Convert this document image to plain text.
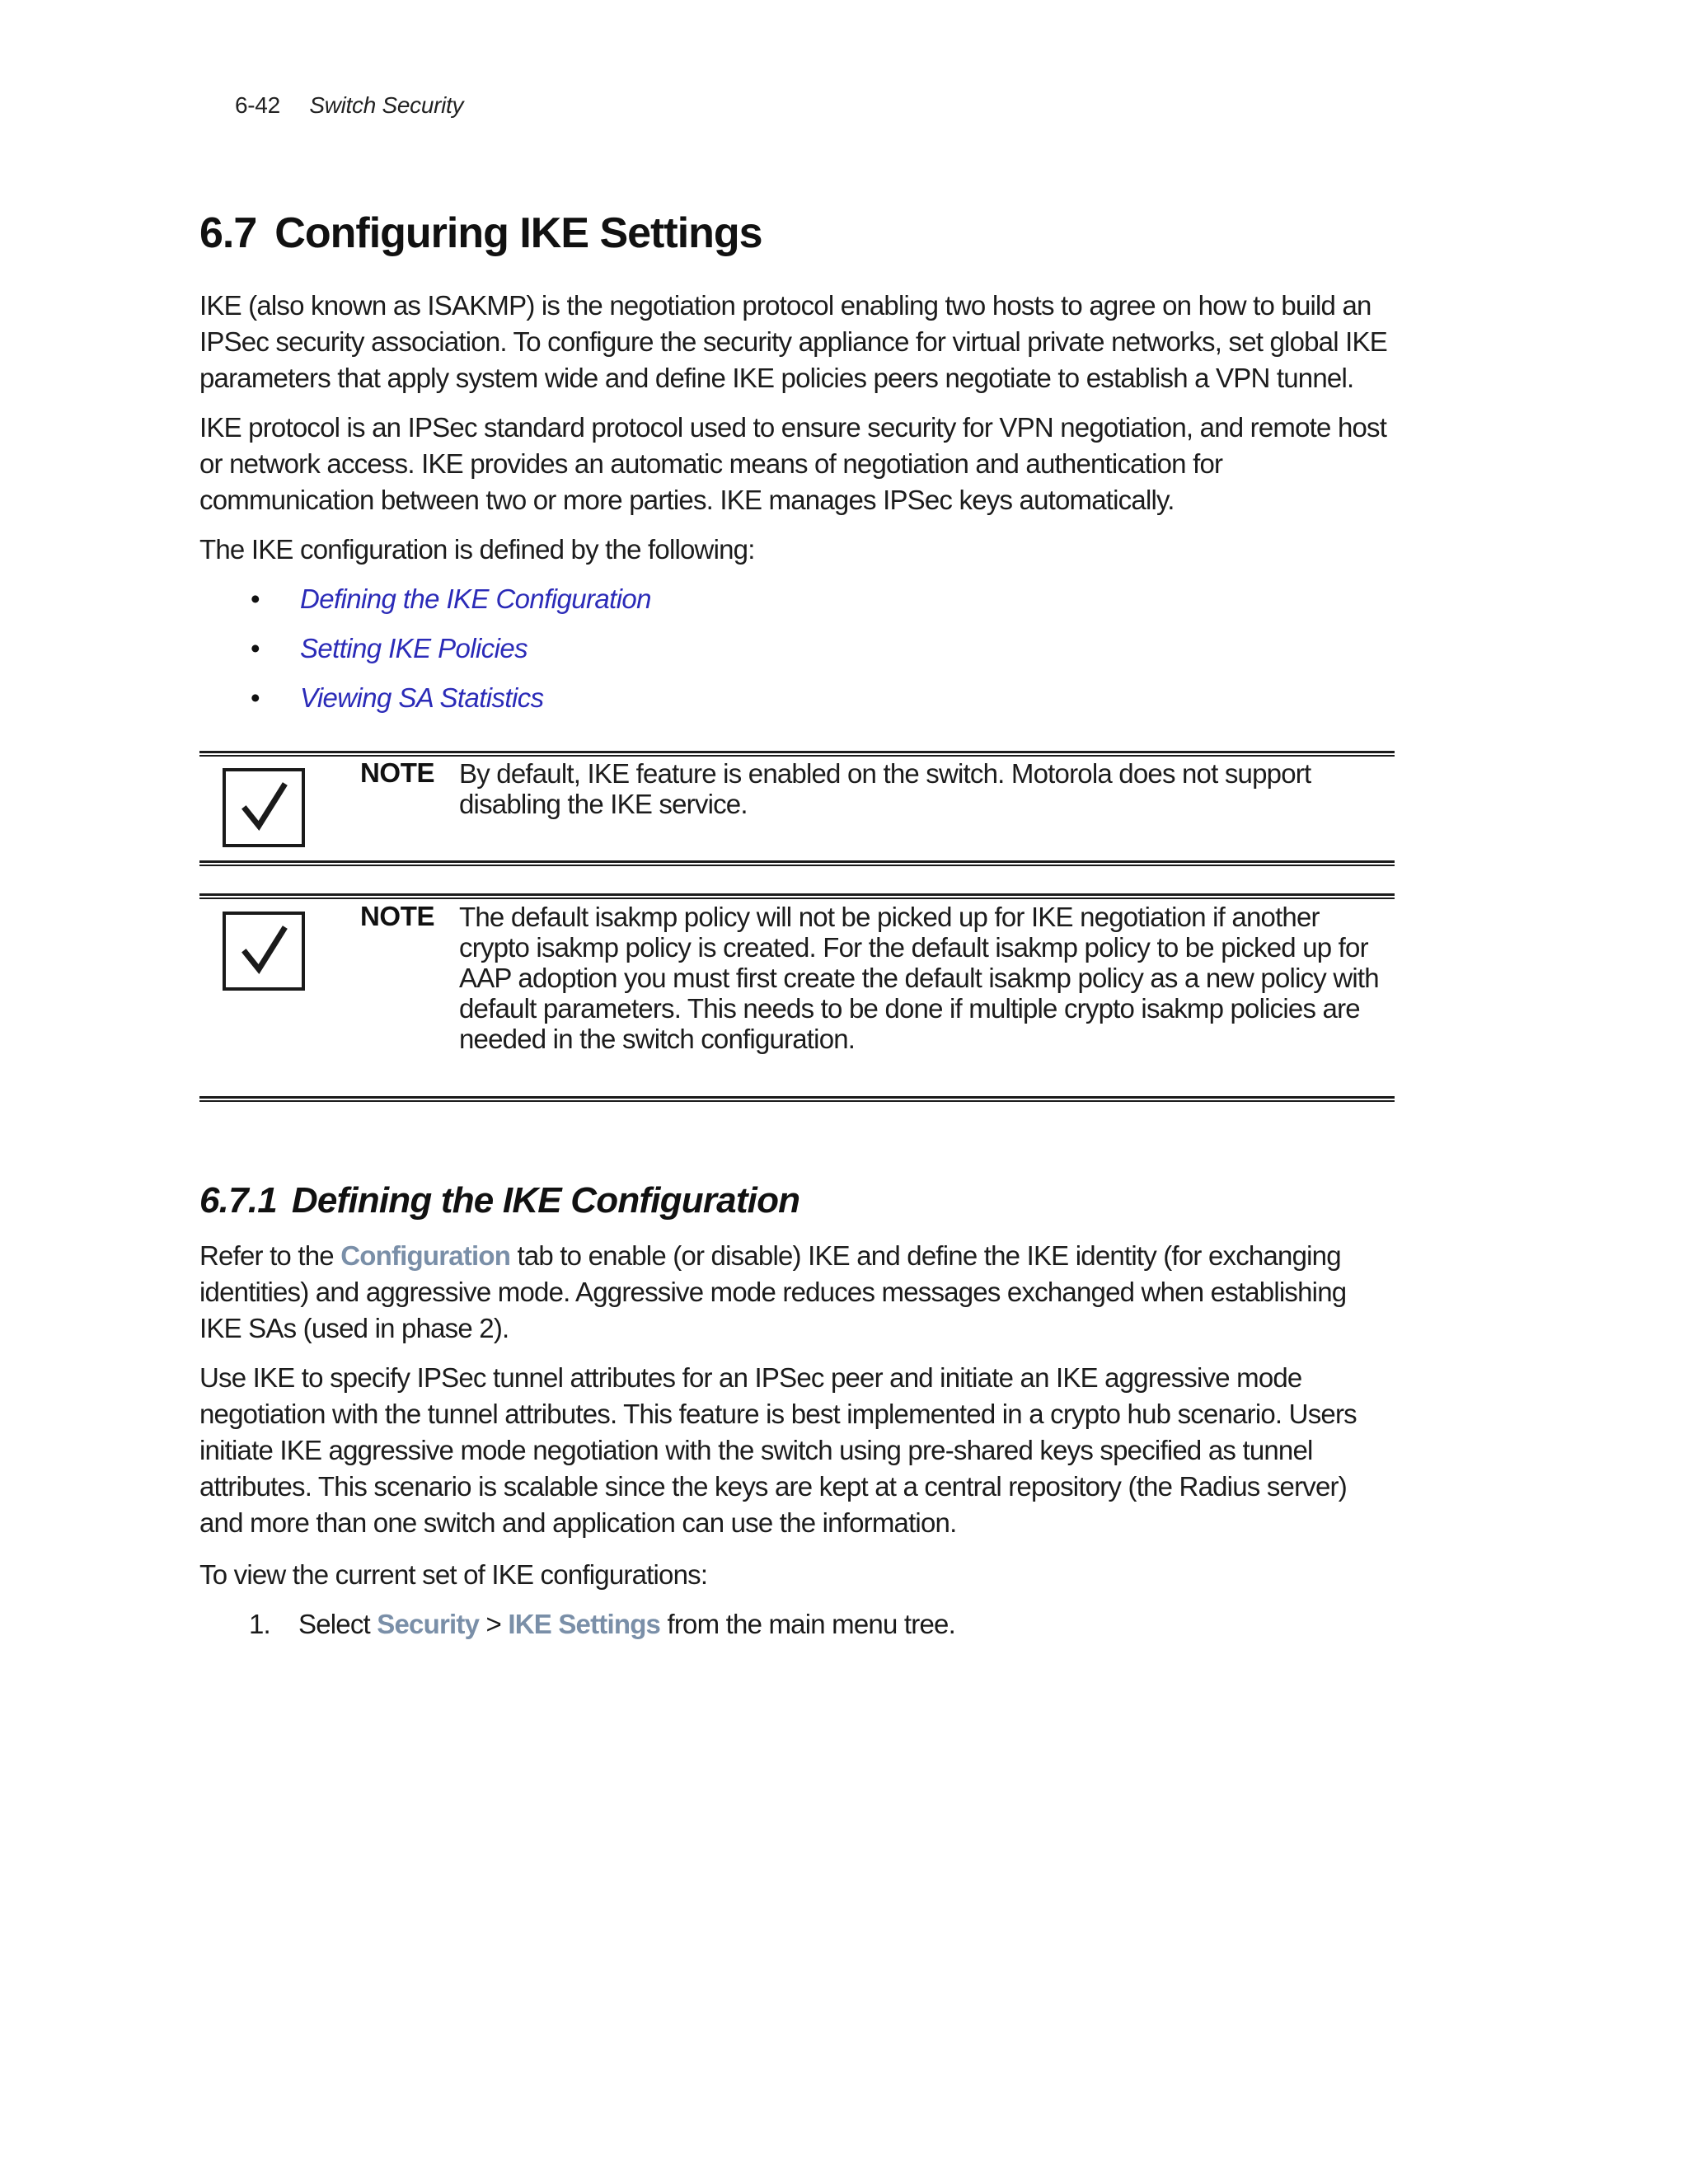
6-42 Switch Security
6.7 Configuring IKE Settings

IKE (also known as ISAKMP) is the negotiation protocol enabling two hosts to agree on how to build an IPSec security association. To configure the security appliance for virtual private networks, set global IKE parameters that apply system wide and define IKE policies peers negotiate to establish a VPN tunnel.

IKE protocol is an IPSec standard protocol used to ensure security for VPN negotiation, and remote host or network access. IKE provides an automatic means of negotiation and authentication for communication between two or more parties. IKE manages IPSec keys automatically.

The IKE configuration is defined by the following:

• Defining the IKE Configuration
• Setting IKE Policies
• Viewing SA Statistics
NOTE By default, IKE feature is enabled on the switch. Motorola does not support disabling the IKE service.

NOTE The default isakmp policy will not be picked up for IKE negotiation if another crypto isakmp policy is created. For the default isakmp policy to be picked up for AAP adoption you must first create the default isakmp policy as a new policy with default parameters. This needs to be done if multiple crypto isakmp policies are needed in the switch configuration.

6.7.1 Defining the IKE Configuration

Refer to the Configuration tab to enable (or disable) IKE and define the IKE identity (for exchanging identities) and aggressive mode. Aggressive mode reduces messages exchanged when establishing IKE SAs (used in phase 2).

Use IKE to specify IPSec tunnel attributes for an IPSec peer and initiate an IKE aggressive mode negotiation with the tunnel attributes. This feature is best implemented in a crypto hub scenario. Users initiate IKE aggressive mode negotiation with the switch using pre-shared keys specified as tunnel attributes. This scenario is scalable since the keys are kept at a central repository (the Radius server) and more than one switch and application can use the information.

To view the current set of IKE configurations:

1. Select Security > IKE Settings from the main menu tree.
